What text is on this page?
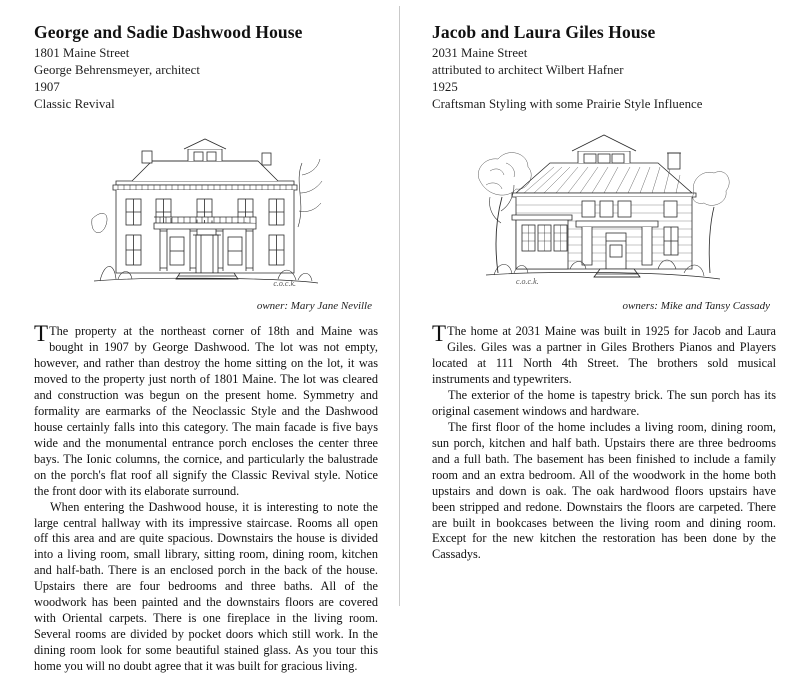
George and Sadie Dashwood House

1801 Maine Street

George Behrensmeyer, architect

1907

Classic Revival

c.o.c.k.

owner: Mary Jane Neville

T The property at the northeast corner of 18th and Maine was bought in 1907 by George Dashwood. The lot was not empty, however, and rather than destroy the home sitting on the lot, it was moved to the property just north of 1801 Maine. The lot was cleared and construction was begun on the present home. Symmetry and formality are earmarks of the Neoclassic Style and the Dashwood house certainly falls into this category. The main facade is five bays wide and the monumental entrance porch encloses the center three bays. The Ionic columns, the cornice, and particularly the balustrade on the porch's flat roof all signify the Classic Revival style. Notice the front door with its elaborate surround.

When entering the Dashwood house, it is interesting to note the large central hallway with its impressive staircase. Rooms all open off this area and are quite spacious. Downstairs the house is divided into a living room, small library, sitting room, dining room, kitchen and half-bath. There is an enclosed porch in the back of the house. Upstairs there are four bedrooms and three baths. All of the woodwork has been painted and the downstairs floors are covered with Oriental carpets. There is one fireplace in the living room. Several rooms are divided by pocket doors which still work. In the dining room look for some beautiful stained glass. As you tour this home you will no doubt agree that it was built for gracious living.

Jacob and Laura Giles House

2031 Maine Street

attributed to architect Wilbert Hafner

1925

Craftsman Styling with some Prairie Style Influence

c.o.c.k.

owners: Mike and Tansy Cassady

T The home at 2031 Maine was built in 1925 for Jacob and Laura Giles. Giles was a partner in Giles Brothers Pianos and Players located at 111 North 4th Street. The brothers sold musical instruments and typewriters.

The exterior of the home is tapestry brick. The sun porch has its original casement windows and hardware.

The first floor of the home includes a living room, dining room, sun porch, kitchen and half bath. Upstairs there are three bedrooms and a full bath. The basement has been finished to include a family room and an extra bedroom. All of the woodwork in the home both upstairs and down is oak. The oak hardwood floors upstairs have been stripped and redone. Downstairs the floors are carpeted. There are built in bookcases between the living room and dining room. Except for the new kitchen the restoration has been done by the Cassadys.
